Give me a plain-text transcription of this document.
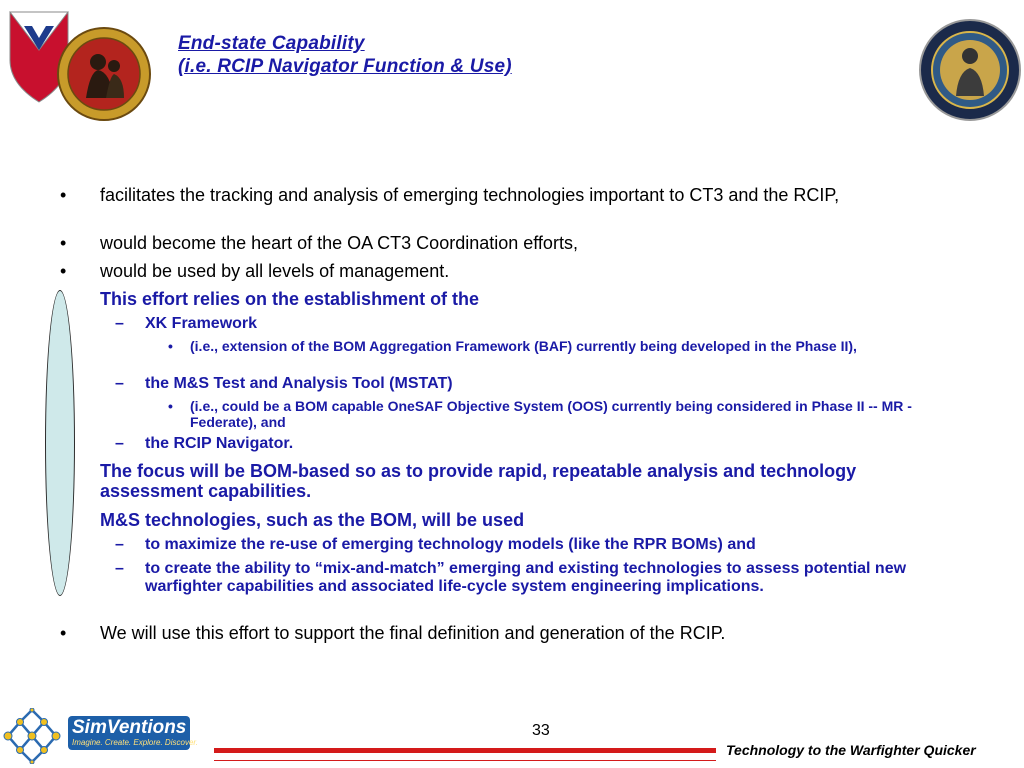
End-state Capability
(i.e. RCIP Navigator Function & Use)
• facilitates the tracking and analysis of emerging technologies important to CT3 and the RCIP,
• would become the heart of the OA CT3 Coordination efforts,
• would be used by all levels of management.
This effort relies on the establishment of the
– XK Framework
• (i.e., extension of the BOM Aggregation Framework (BAF) currently being developed in the Phase II),
– the M&S Test and Analysis Tool (MSTAT)
• (i.e., could be a BOM capable OneSAF Objective System (OOS) currently being considered in Phase II -- MR - Federate), and
– the RCIP Navigator.
The focus will be BOM-based so as to provide rapid, repeatable analysis and technology assessment capabilities.
M&S technologies, such as the BOM, will be used
– to maximize the re-use of emerging technology models (like the RPR BOMs) and
– to create the ability to “mix-and-match” emerging and existing technologies to assess potential new warfighter capabilities and associated life-cycle system engineering implications.
• We will use this effort to support the final definition and generation of the RCIP.
SimVentions
Imagine. Create. Explore. Discover.
33
Technology to the Warfighter Quicker
